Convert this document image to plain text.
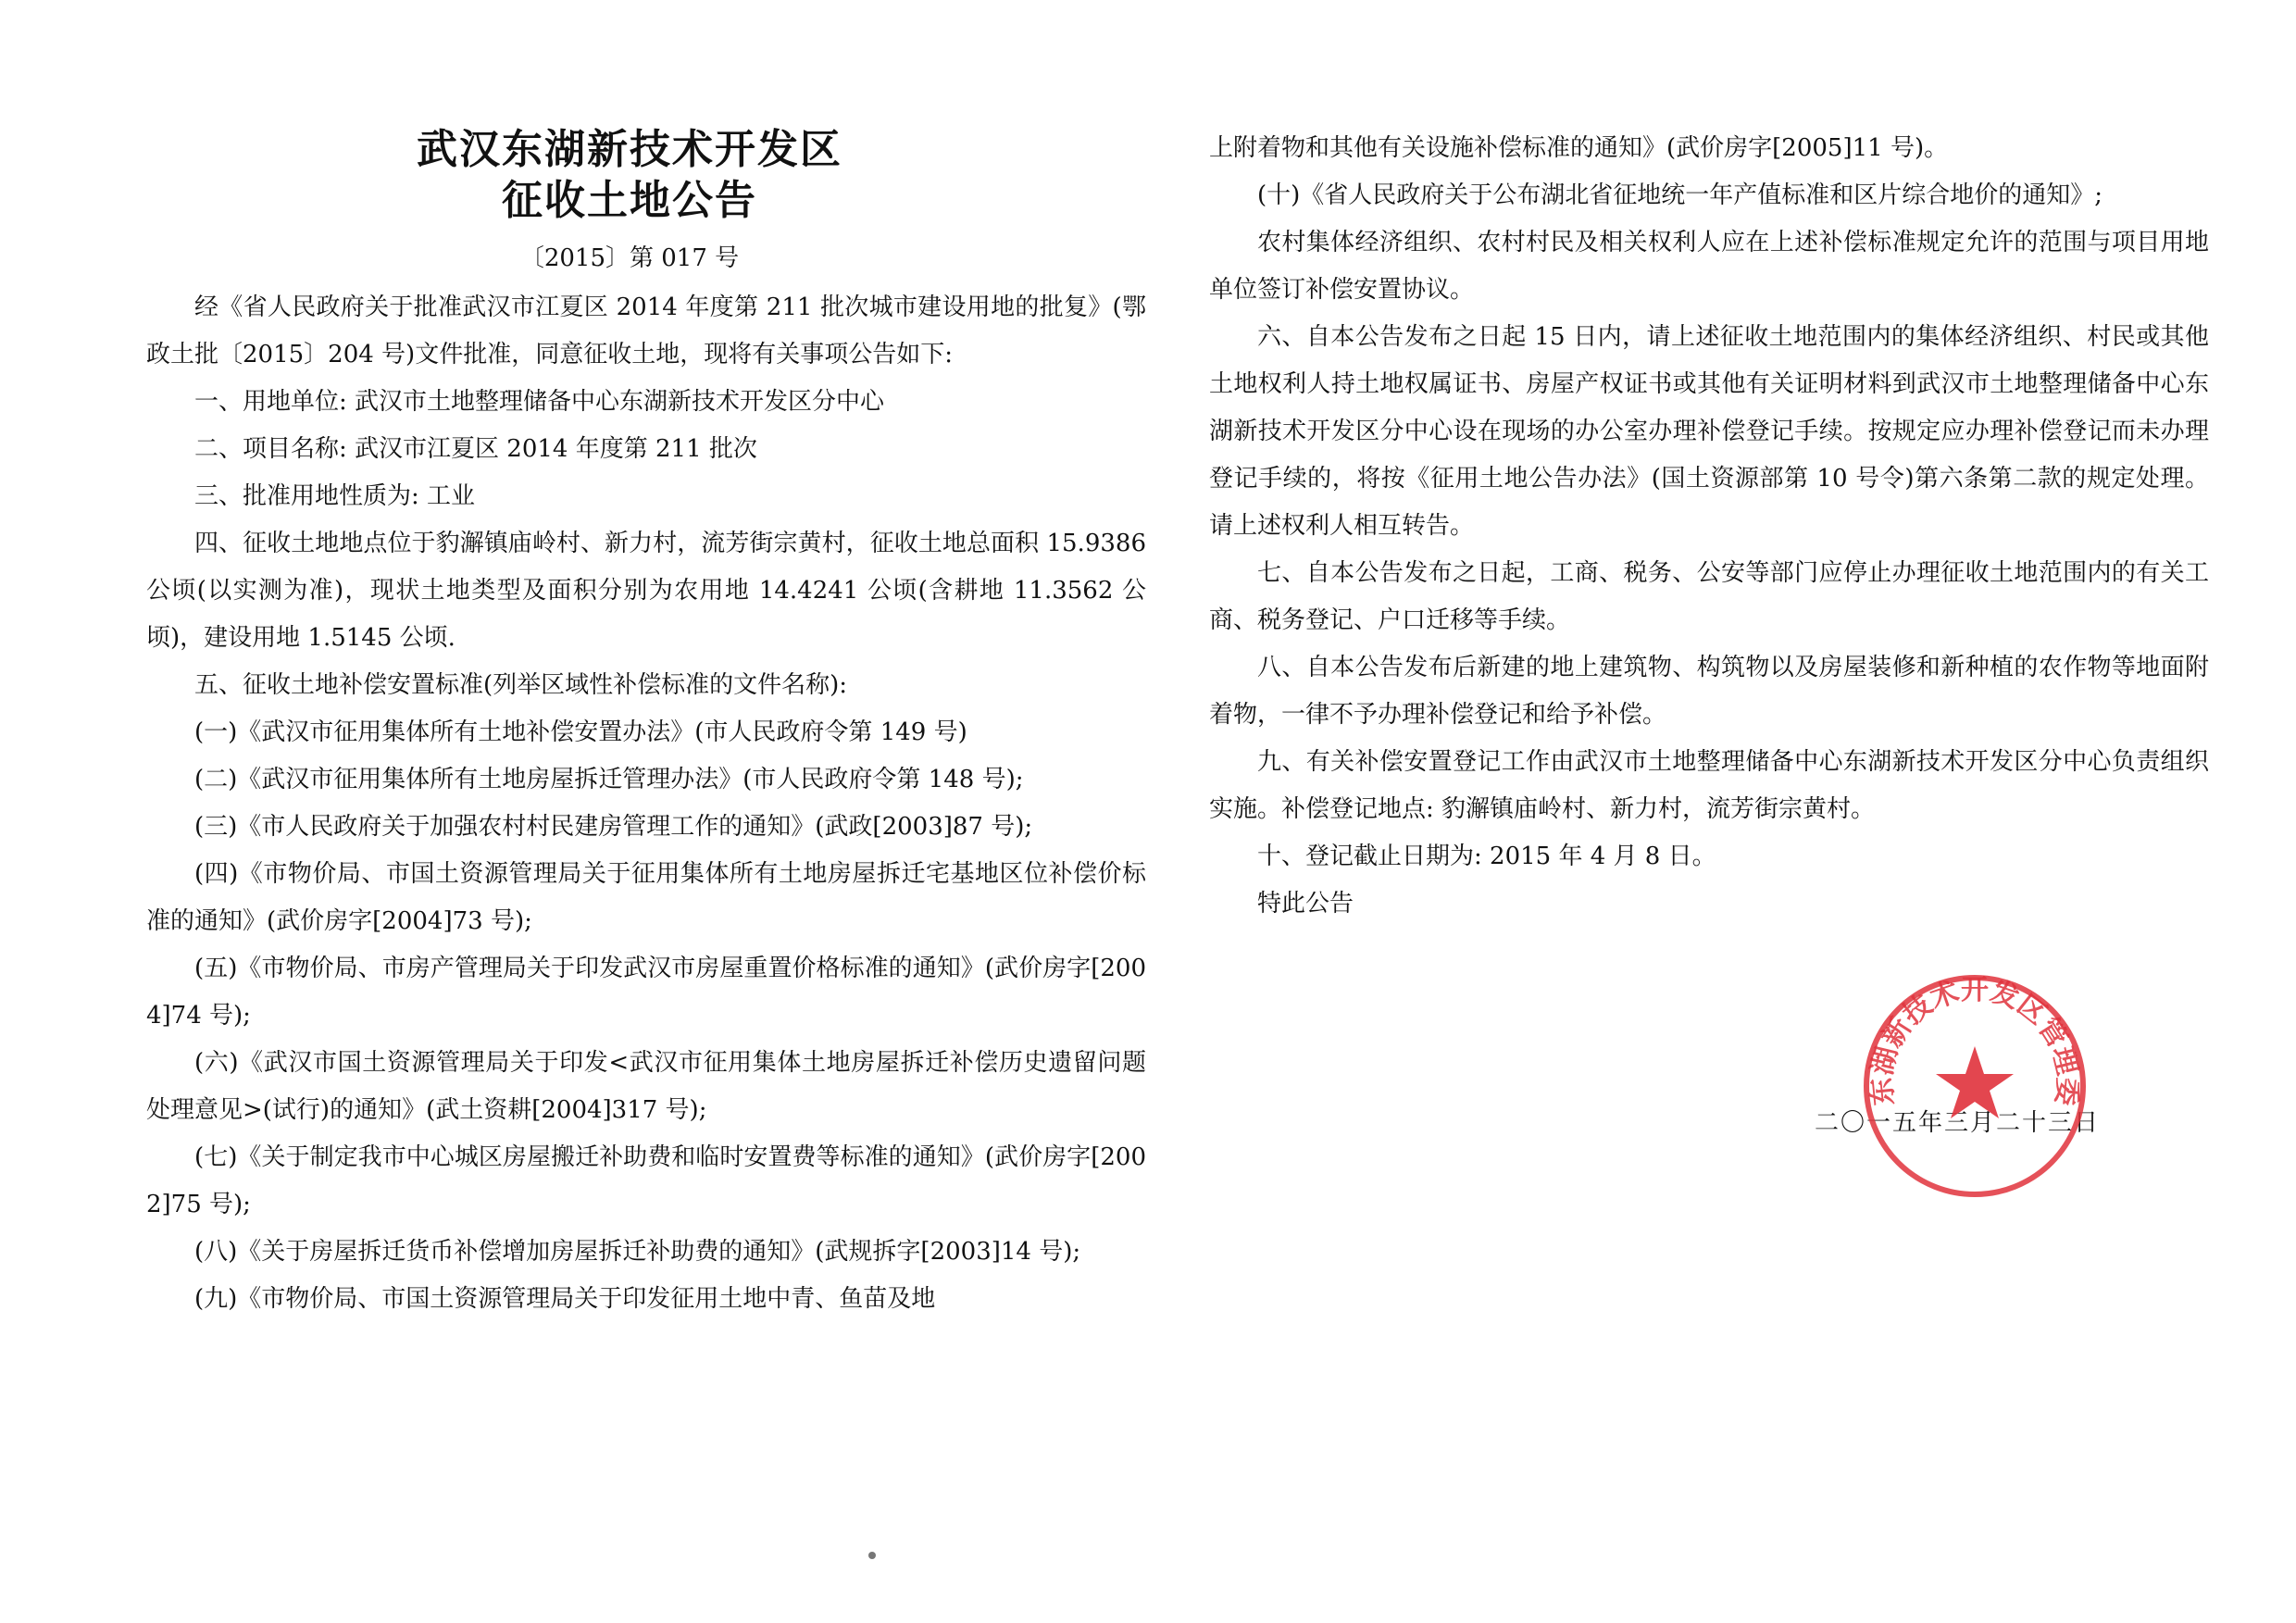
武汉东湖新技术开发区
征收土地公告
〔2015〕第 017 号

经《省人民政府关于批准武汉市江夏区 2014 年度第 211 批次城市建设用地的批复》(鄂政土批〔2015〕204 号)文件批准，同意征收土地，现将有关事项公告如下:

一、用地单位: 武汉市土地整理储备中心东湖新技术开发区分中心

二、项目名称: 武汉市江夏区 2014 年度第 211 批次

三、批准用地性质为: 工业

四、征收土地地点位于豹澥镇庙岭村、新力村，流芳街宗黄村，征收土地总面积 15.9386 公顷(以实测为准)，现状土地类型及面积分别为农用地 14.4241 公顷(含耕地 11.3562 公顷)，建设用地 1.5145 公顷.

五、征收土地补偿安置标准(列举区域性补偿标准的文件名称):

(一)《武汉市征用集体所有土地补偿安置办法》(市人民政府令第 149 号)

(二)《武汉市征用集体所有土地房屋拆迁管理办法》(市人民政府令第 148 号);

(三)《市人民政府关于加强农村村民建房管理工作的通知》(武政[2003]87 号);

(四)《市物价局、市国土资源管理局关于征用集体所有土地房屋拆迁宅基地区位补偿价标准的通知》(武价房字[2004]73 号);

(五)《市物价局、市房产管理局关于印发武汉市房屋重置价格标准的通知》(武价房字[2004]74 号);

(六)《武汉市国土资源管理局关于印发<武汉市征用集体土地房屋拆迁补偿历史遗留问题处理意见>(试行)的通知》(武土资耕[2004]317 号);

(七)《关于制定我市中心城区房屋搬迁补助费和临时安置费等标准的通知》(武价房字[2002]75 号);

(八)《关于房屋拆迁货币补偿增加房屋拆迁补助费的通知》(武规拆字[2003]14 号);

(九)《市物价局、市国土资源管理局关于印发征用土地中青、鱼苗及地

上附着物和其他有关设施补偿标准的通知》(武价房字[2005]11 号)。

(十)《省人民政府关于公布湖北省征地统一年产值标准和区片综合地价的通知》;

农村集体经济组织、农村村民及相关权利人应在上述补偿标准规定允许的范围与项目用地单位签订补偿安置协议。

六、自本公告发布之日起 15 日内，请上述征收土地范围内的集体经济组织、村民或其他土地权利人持土地权属证书、房屋产权证书或其他有关证明材料到武汉市土地整理储备中心东湖新技术开发区分中心设在现场的办公室办理补偿登记手续。按规定应办理补偿登记而未办理登记手续的，将按《征用土地公告办法》(国土资源部第 10 号令)第六条第二款的规定处理。请上述权利人相互转告。

七、自本公告发布之日起，工商、税务、公安等部门应停止办理征收土地范围内的有关工商、税务登记、户口迁移等手续。

八、自本公告发布后新建的地上建筑物、构筑物以及房屋装修和新种植的农作物等地面附着物，一律不予办理补偿登记和给予补偿。

九、有关补偿安置登记工作由武汉市土地整理储备中心东湖新技术开发区分中心负责组织实施。补偿登记地点: 豹澥镇庙岭村、新力村，流芳街宗黄村。

十、登记截止日期为: 2015 年 4 月 8 日。

特此公告

二〇一五年三月二十三日
东湖新技术开发区管理委
